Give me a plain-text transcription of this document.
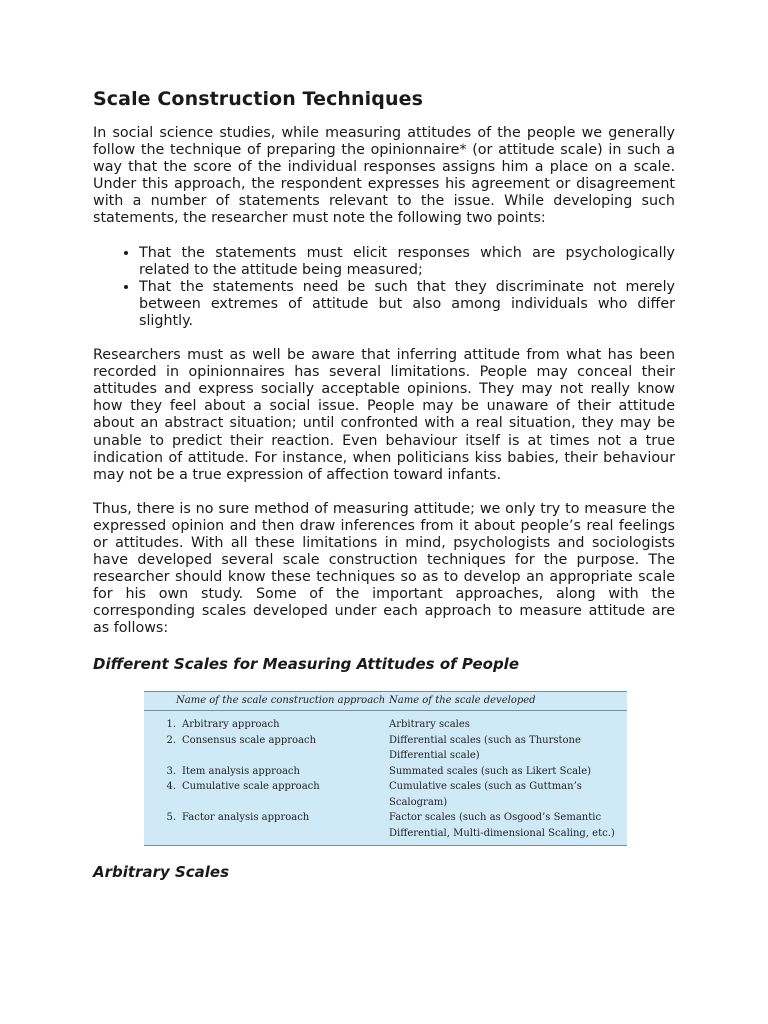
Scale Construction Techniques

In social science studies, while measuring attitudes of the people we generally follow the technique of preparing the opinionnaire* (or attitude scale) in such a way that the score of the individual responses assigns him a place on a scale. Under this approach, the respondent expresses his agreement or disagreement with a number of statements relevant to the issue. While developing such statements, the researcher must note the following two points:

• That the statements must elicit responses which are psychologically related to the attitude being measured;
• That the statements need be such that they discriminate not merely between extremes of attitude but also among individuals who differ slightly.

Researchers must as well be aware that inferring attitude from what has been recorded in opinionnaires has several limitations. People may conceal their attitudes and express socially acceptable opinions. They may not really know how they feel about a social issue. People may be unaware of their attitude about an abstract situation; until confronted with a real situation, they may be unable to predict their reaction. Even behaviour itself is at times not a true indication of attitude. For instance, when politicians kiss babies, their behaviour may not be a true expression of affection toward infants.

Thus, there is no sure method of measuring attitude; we only try to measure the expressed opinion and then draw inferences from it about people’s real feelings or attitudes. With all these limitations in mind, psychologists and sociologists have developed several scale construction techniques for the purpose. The researcher should know these techniques so as to develop an appropriate scale for his own study. Some of the important approaches, along with the corresponding scales developed under each approach to measure attitude are as follows:

Different Scales for Measuring Attitudes of People
Name of the scale construction approach		Name of the scale developed
1.	Arbitrary approach	Arbitrary scales

2.	Consensus scale approach	Differential scales (such as Thurstone
Differential scale)

3.	Item analysis approach	Summated scales (such as Likert Scale)

4.	Cumulative scale approach	Cumulative scales (such as Guttman’s Scalogram)

5.	Factor analysis approach	Factor scales (such as Osgood’s Semantic
Differential, Multi-dimensional Scaling, etc.)
Arbitrary Scales
